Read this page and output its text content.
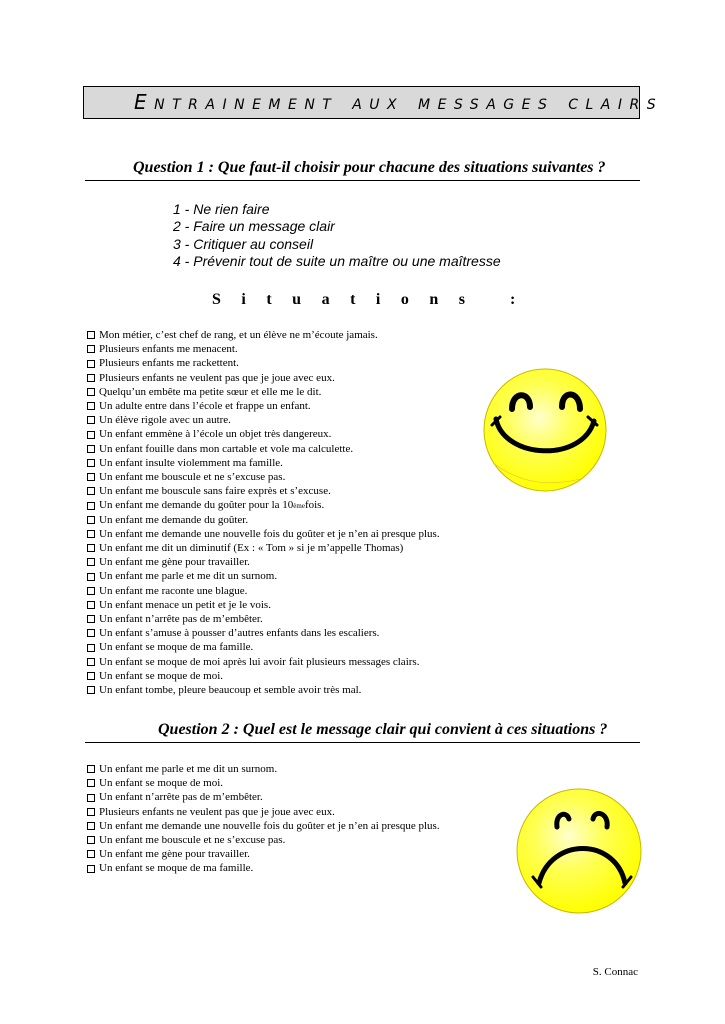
Entrainement aux messages clairs
Question 1 : Que faut-il choisir pour chacune des situations suivantes ?
1 - Ne rien faire
2 - Faire un message clair
3 - Critiquer au conseil
4 - Prévenir tout de suite un maître ou une maîtresse
Situations :
Mon métier, c’est chef de rang, et un élève ne m’écoute jamais.
Plusieurs enfants me menacent.
Plusieurs enfants me rackettent.
Plusieurs enfants ne veulent pas que je joue avec eux.
Quelqu’un embête ma petite sœur et elle me le dit.
Un adulte entre dans l’école et frappe un enfant.
Un élève rigole avec un autre.
Un enfant emmène à l’école un objet très dangereux.
Un enfant fouille dans mon cartable et vole ma calculette.
Un enfant insulte violemment ma famille.
Un enfant me bouscule et ne s’excuse pas.
Un enfant me bouscule sans faire exprès et s’excuse.
Un enfant me demande du goûter pour la 10 ème fois.
Un enfant me demande du goûter.
Un enfant me demande une nouvelle fois du goûter et je n’en ai presque plus.
Un enfant me dit un diminutif (Ex : « Tom » si je m’appelle Thomas)
Un enfant me gène pour travailler.
Un enfant me parle et me dit un surnom.
Un enfant me raconte une blague.
Un enfant menace un petit et je le vois.
Un enfant n’arrête pas de m’embêter.
Un enfant s’amuse à pousser d’autres enfants dans les escaliers.
Un enfant se moque de ma famille.
Un enfant se moque de moi après lui avoir fait plusieurs messages clairs.
Un enfant se moque de moi.
Un enfant tombe, pleure beaucoup et semble avoir très mal.
Question 2 : Quel est le message clair qui convient à ces situations ?
Un enfant me parle et me dit un surnom.
Un enfant se moque de moi.
Un enfant n’arrête pas de m’embêter.
Plusieurs enfants ne veulent pas que je joue avec eux.
Un enfant me demande une nouvelle fois du goûter et je n’en ai presque plus.
Un enfant me bouscule et ne s’excuse pas.
Un enfant me gène pour travailler.
Un enfant se moque de ma famille.
S. Connac
